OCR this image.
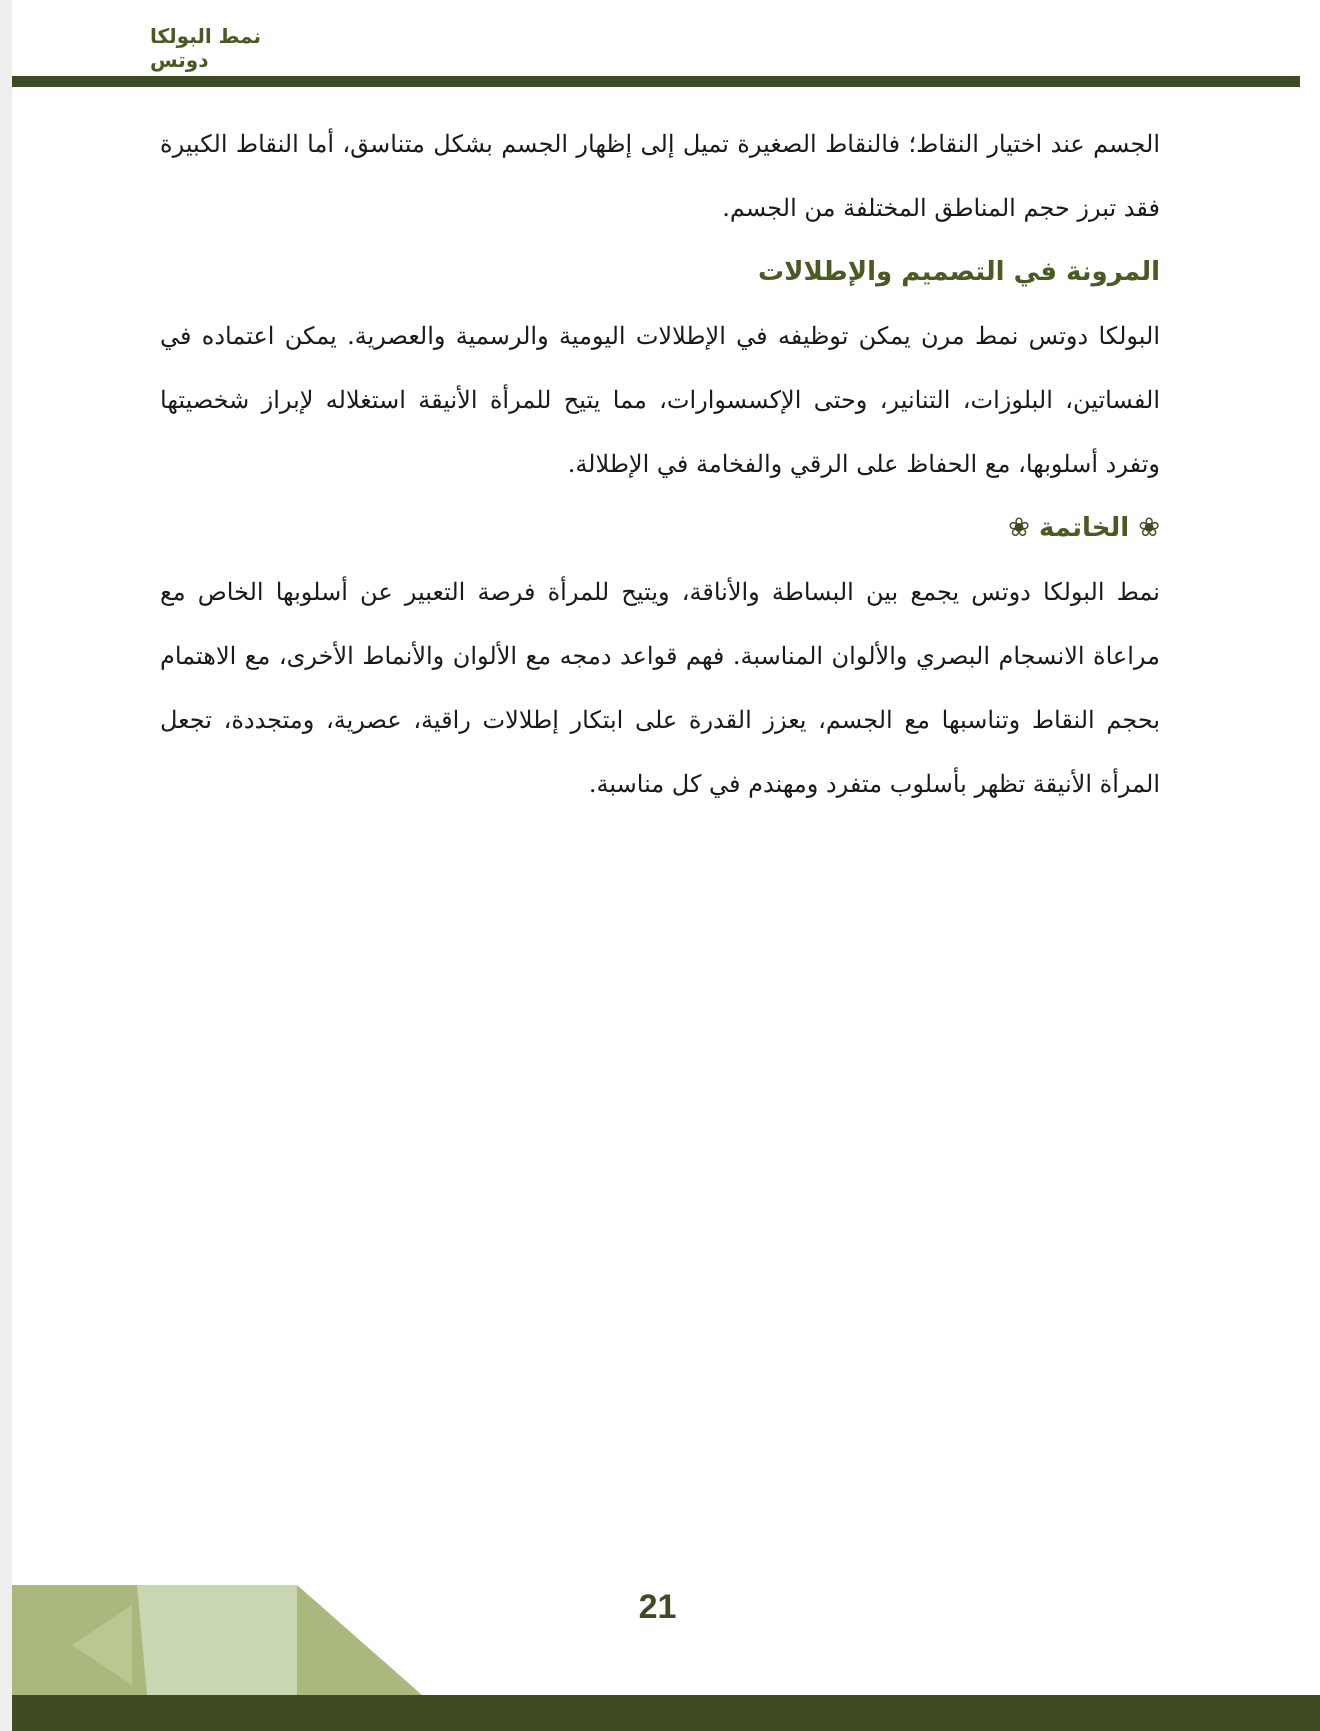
نمط البولكا دوتس

الجسم عند اختيار النقاط؛ فالنقاط الصغيرة تميل إلى إظهار الجسم بشكل متناسق، أما النقاط الكبيرة فقد تبرز حجم المناطق المختلفة من الجسم.

المرونة في التصميم والإطلالات

البولكا دوتس نمط مرن يمكن توظيفه في الإطلالات اليومية والرسمية والعصرية. يمكن اعتماده في الفساتين، البلوزات، التنانير، وحتى الإكسسوارات، مما يتيح للمرأة الأنيقة استغلاله لإبراز شخصيتها وتفرد أسلوبها، مع الحفاظ على الرقي والفخامة في الإطلالة.

❀ الخاتمة ❀

نمط البولكا دوتس يجمع بين البساطة والأناقة، ويتيح للمرأة فرصة التعبير عن أسلوبها الخاص مع مراعاة الانسجام البصري والألوان المناسبة. فهم قواعد دمجه مع الألوان والأنماط الأخرى، مع الاهتمام بحجم النقاط وتناسبها مع الجسم، يعزز القدرة على ابتكار إطلالات راقية، عصرية، ومتجددة، تجعل المرأة الأنيقة تظهر بأسلوب متفرد ومهندم في كل مناسبة.

21
